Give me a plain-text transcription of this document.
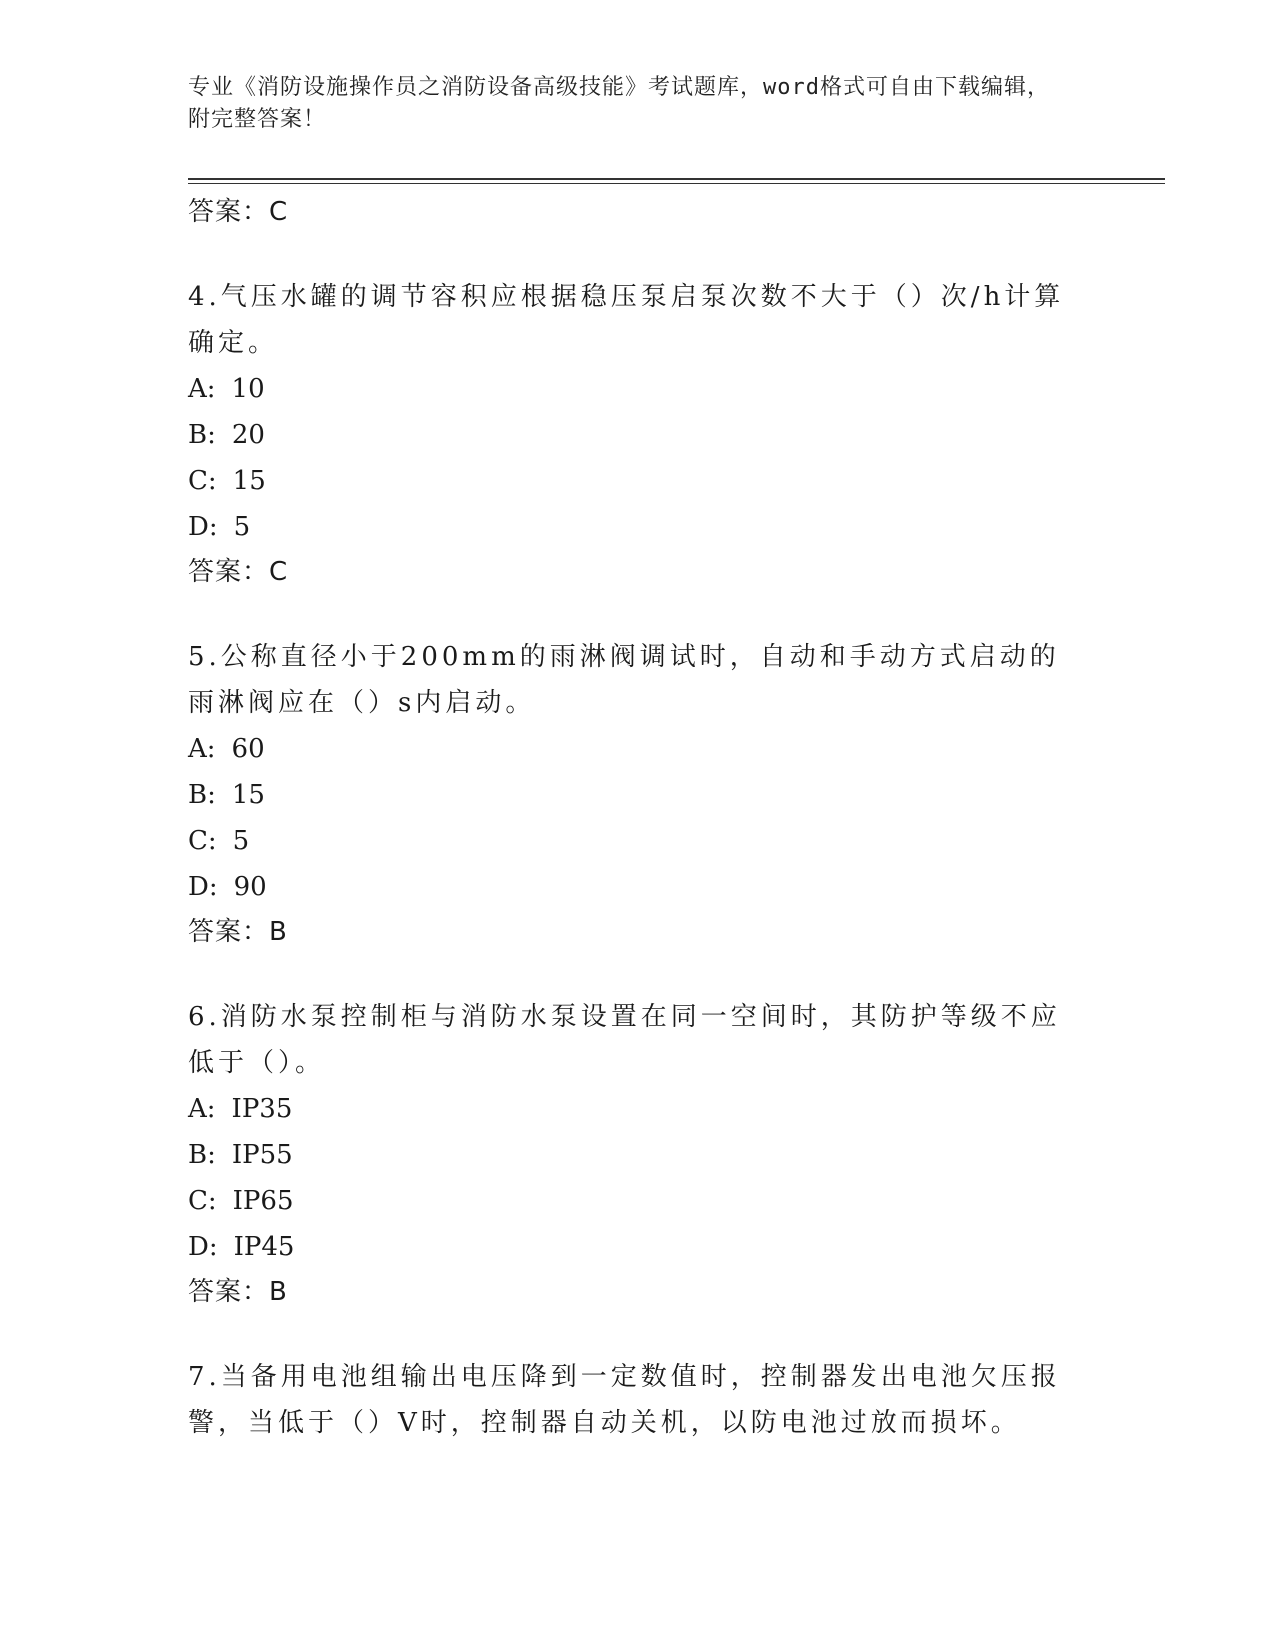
专业《消防设施操作员之消防设备高级技能》考试题库，word格式可自由下载编辑，附完整答案！
答案：C
4.气压水罐的调节容积应根据稳压泵启泵次数不大于（）次/h计算确定。
A: 10
B: 20
C: 15
D: 5
答案：C
5.公称直径小于200mm的雨淋阀调试时，自动和手动方式启动的雨淋阀应在（）s内启动。
A: 60
B: 15
C: 5
D: 90
答案：B
6.消防水泵控制柜与消防水泵设置在同一空间时，其防护等级不应低于（）。
A: IP35
B: IP55
C: IP65
D: IP45
答案：B
7.当备用电池组输出电压降到一定数值时，控制器发出电池欠压报警，当低于（）V时，控制器自动关机，以防电池过放而损坏。
